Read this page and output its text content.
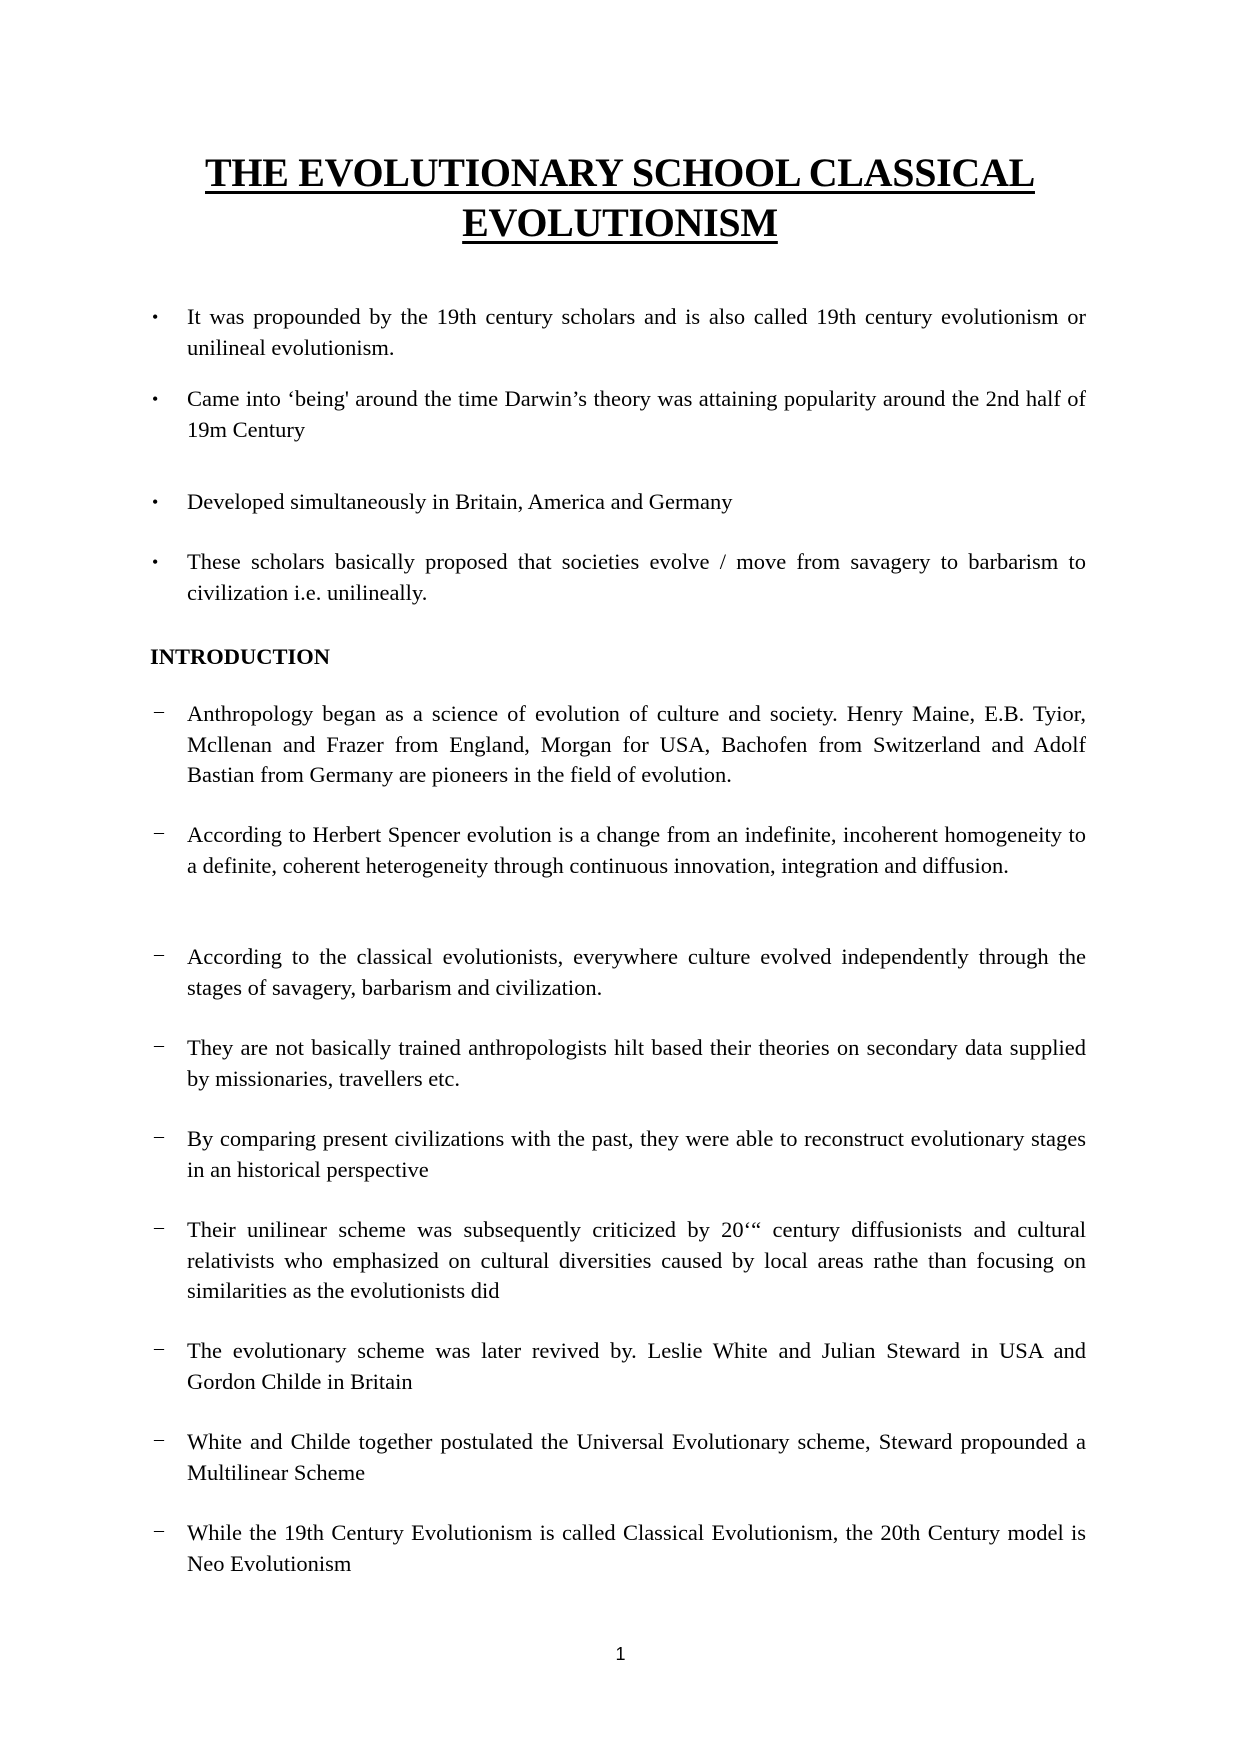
THE EVOLUTIONARY SCHOOL CLASSICAL
EVOLUTIONISM
•	It was propounded by the 19th century scholars and is also called 19th century evolutionism or unilineal evolutionism.
•	Came into ‘being' around the time Darwin’s theory was attaining popularity around the 2nd half of 19m Century
•	Developed simultaneously in Britain, America and Germany
•	These scholars basically proposed that societies evolve / move from savagery to barbarism to civilization i.e. unilineally.
INTRODUCTION
–	Anthropology began as a science of evolution of culture and society. Henry Maine, E.B. Tyior, Mcllenan and Frazer from England, Morgan for USA, Bachofen from Switzerland and Adolf Bastian from Germany are pioneers in the field of evolution.
–	According to Herbert Spencer evolution is a change from an indefinite, incoherent homogeneity to a definite, coherent heterogeneity through continuous innovation, integration and diffusion.
–	According to the classical evolutionists, everywhere culture evolved independently through the stages of savagery, barbarism and civilization.
–	They are not basically trained anthropologists hilt based their theories on secondary data supplied by missionaries, travellers etc.
–	By comparing present civilizations with the past, they were able to reconstruct evolutionary stages in an historical perspective
–	Their unilinear scheme was subsequently criticized by 20‘“ century diffusionists and cultural relativists who emphasized on cultural diversities caused by local areas rathe than focusing on similarities as the evolutionists did
–	The evolutionary scheme was later revived by. Leslie White and Julian Steward in USA and Gordon Childe in Britain
–	White and Childe together postulated the Universal Evolutionary scheme, Steward propounded a Multilinear Scheme
–	While the 19th Century Evolutionism is called Classical Evolutionism, the 20th Century model is Neo Evolutionism
1
